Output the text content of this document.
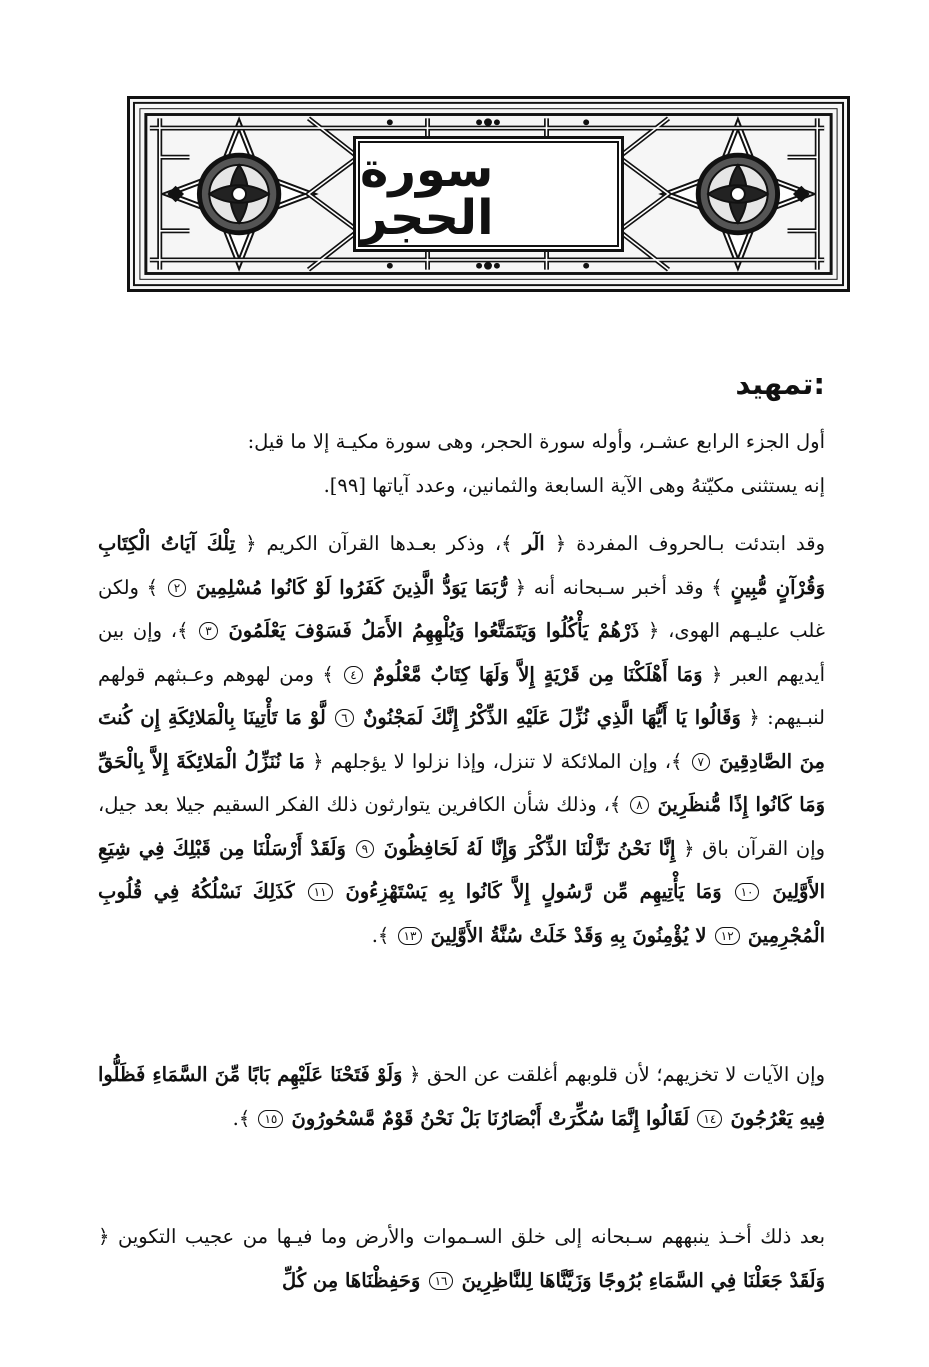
سورة الحجر
تمهيد:
أول الجزء الرابع عشـر، وأوله سورة الحجر، وهى سورة مكيـة إلا ما قيل:
إنه يستثنى مكيّتهُ وهى الآية السابعة والثمانين، وعدد آياتها [٩٩].
وقد ابتدئت بـالحروف المفردة ﴿ الٓر ﴾، وذكر بعـدها القرآن الكريم ﴿ تِلْكَ آيَاتُ الْكِتَابِ وَقُرْآنٍ مُّبِينٍ ﴾ وقد أخبر سـبحانه أنه ﴿ رُّبَمَا يَوَدُّ الَّذِينَ كَفَرُوا لَوْ كَانُوا مُسْلِمِينَ ٢ ﴾ ولكن غلب عليـهم الهوى، ﴿ ذَرْهُمْ يَأْكُلُوا وَيَتَمَتَّعُوا وَيُلْهِهِمُ الأَمَلُ فَسَوْفَ يَعْلَمُونَ ٣ ﴾، وإن بين أيديهم العبر ﴿ وَمَا أَهْلَكْنَا مِن قَرْيَةٍ إِلاَّ وَلَهَا كِتَابٌ مَّعْلُومٌ ٤ ﴾ ومن لهوهم وعـبثهم قولهم لنبـيهم: ﴿ وَقَالُوا يَا أَيُّهَا الَّذِي نُزِّلَ عَلَيْهِ الذِّكْرُ إِنَّكَ لَمَجْنُونٌ ٦ لَّوْ مَا تَأْتِينَا بِالْمَلائِكَةِ إِن كُنتَ مِنَ الصَّادِقِينَ ٧ ﴾، وإن الملائكة لا تنزل، وإذا نزلوا لا يؤجلهم ﴿ مَا نُنَزِّلُ الْمَلائِكَةَ إِلاَّ بِالْحَقِّ وَمَا كَانُوا إِذًا مُّنظَرِينَ ٨ ﴾، وذلك شأن الكافرين يتوارثون ذلك الفكر السقيم جيلا بعد جيل، وإن القرآن باق ﴿ إِنَّا نَحْنُ نَزَّلْنَا الذِّكْرَ وَإِنَّا لَهُ لَحَافِظُونَ ٩ وَلَقَدْ أَرْسَلْنَا مِن قَبْلِكَ فِي شِيَعِ الأَوَّلِينَ ١٠ وَمَا يَأْتِيهِم مِّن رَّسُولٍ إِلاَّ كَانُوا بِهِ يَسْتَهْزِءُونَ ١١ كَذَلِكَ نَسْلُكُهُ فِي قُلُوبِ الْمُجْرِمِينَ ١٢ لا يُؤْمِنُونَ بِهِ وَقَدْ خَلَتْ سُنَّةُ الأَوَّلِينَ ١٣ ﴾.
وإن الآيات لا تخزيهم؛ لأن قلوبهم أغلقت عن الحق ﴿ وَلَوْ فَتَحْنَا عَلَيْهِم بَابًا مِّنَ السَّمَاءِ فَظَلُّوا فِيهِ يَعْرُجُونَ ١٤ لَقَالُوا إِنَّمَا سُكِّرَتْ أَبْصَارُنَا بَلْ نَحْنُ قَوْمٌ مَّسْحُورُونَ ١٥ ﴾.
بعد ذلك أخـذ ينبههم سـبحانه إلى خلق السـموات والأرض وما فيـها من عجيب التكوين ﴿ وَلَقَدْ جَعَلْنَا فِي السَّمَاءِ بُرُوجًا وَزَيَّنَّاهَا لِلنَّاظِرِينَ ١٦ وَحَفِظْنَاهَا مِن كُلِّ
